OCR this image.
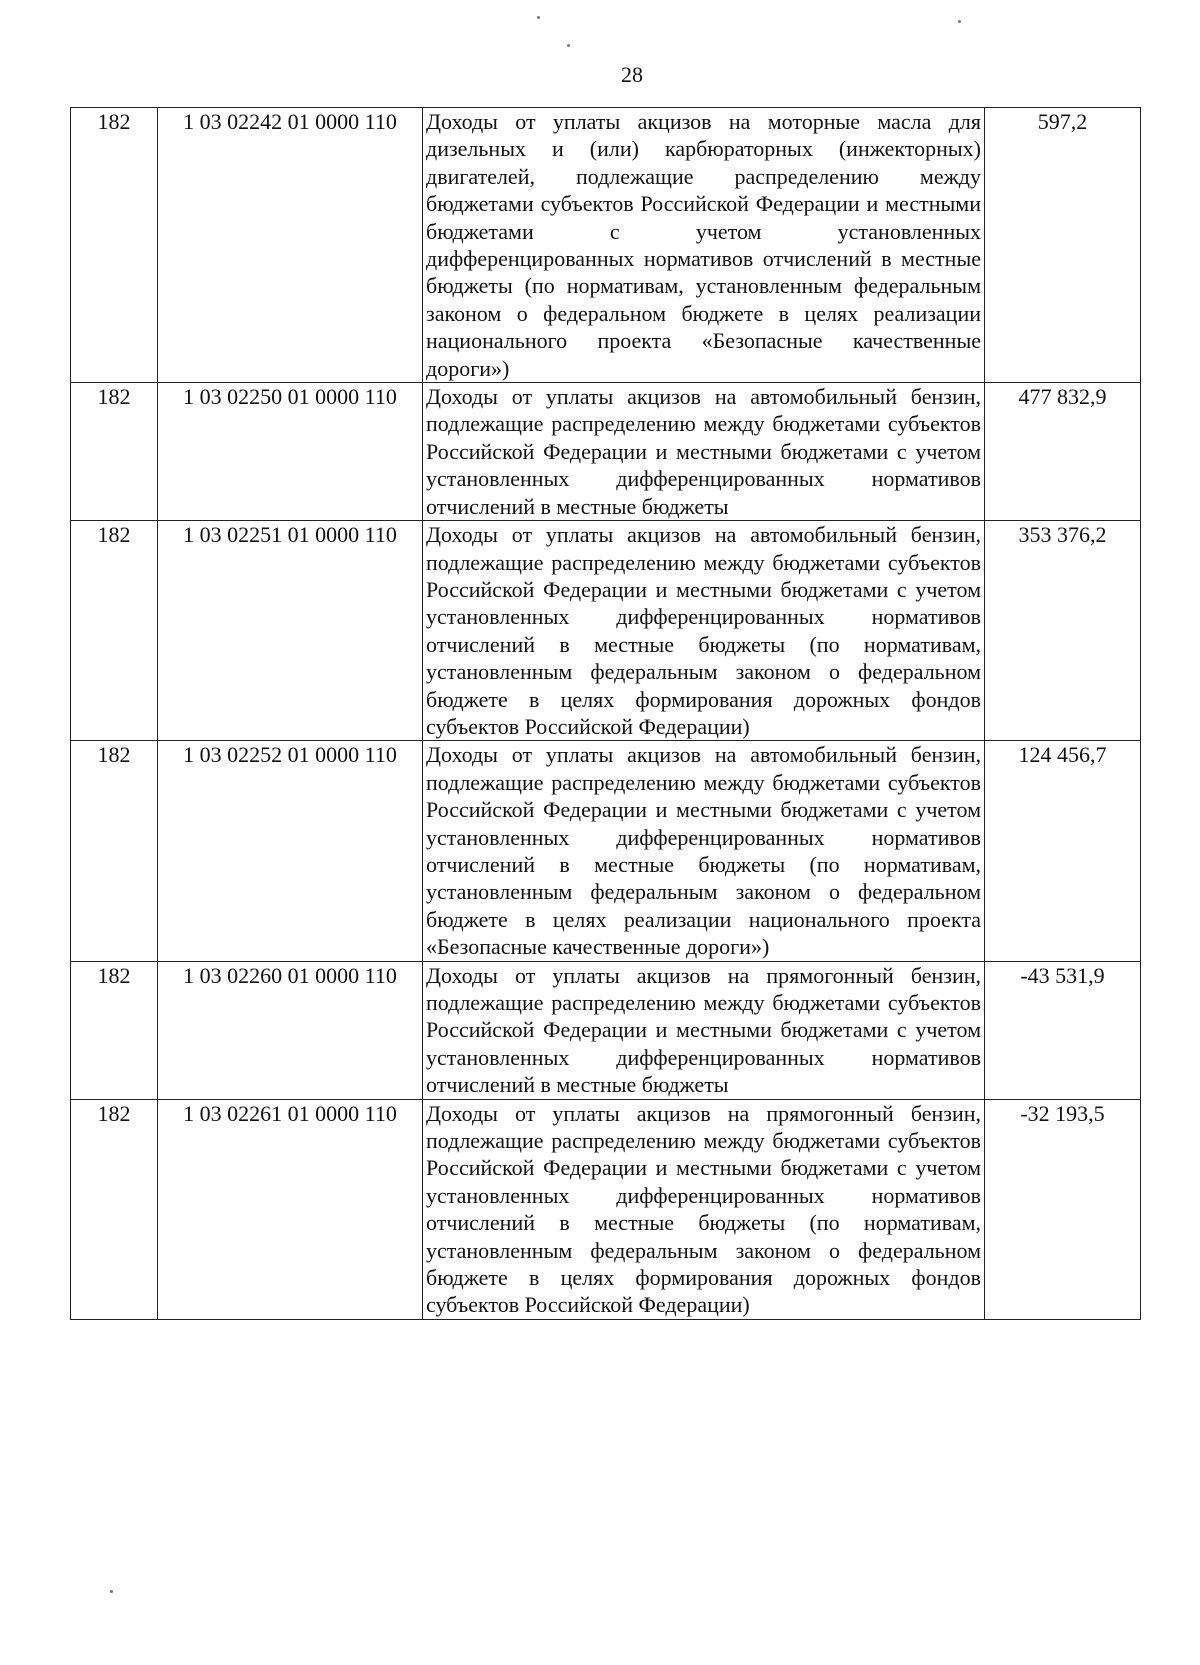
28
182	1 03 02242 01 0000 110	Доходы от уплаты акцизов на моторные масла для дизельных и (или) карбюраторных (инжекторных) двигателей, подлежащие распределению между бюджетами субъектов Российской Федерации и местными бюджетами с учетом установленных дифференцированных нормативов отчислений в местные бюджеты (по нормативам, установленным федеральным законом о федеральном бюджете в целях реализации национального проекта «Безопасные качественные дороги»)	597,2
182	1 03 02250 01 0000 110	Доходы от уплаты акцизов на автомобильный бензин, подлежащие распределению между бюджетами субъектов Российской Федерации и местными бюджетами с учетом установленных дифференцированных нормативов отчислений в местные бюджеты	477 832,9
182	1 03 02251 01 0000 110	Доходы от уплаты акцизов на автомобильный бензин, подлежащие распределению между бюджетами субъектов Российской Федерации и местными бюджетами с учетом установленных дифференцированных нормативов отчислений в местные бюджеты (по нормативам, установленным федеральным законом о федеральном бюджете в целях формирования дорожных фондов субъектов Российской Федерации)	353 376,2
182	1 03 02252 01 0000 110	Доходы от уплаты акцизов на автомобильный бензин, подлежащие распределению между бюджетами субъектов Российской Федерации и местными бюджетами с учетом установленных дифференцированных нормативов отчислений в местные бюджеты (по нормативам, установленным федеральным законом о федеральном бюджете в целях реализации национального проекта «Безопасные качественные дороги»)	124 456,7
182	1 03 02260 01 0000 110	Доходы от уплаты акцизов на прямогонный бензин, подлежащие распределению между бюджетами субъектов Российской Федерации и местными бюджетами с учетом установленных дифференцированных нормативов отчислений в местные бюджеты	-43 531,9
182	1 03 02261 01 0000 110	Доходы от уплаты акцизов на прямогонный бензин, подлежащие распределению между бюджетами субъектов Российской Федерации и местными бюджетами с учетом установленных дифференцированных нормативов отчислений в местные бюджеты (по нормативам, установленным федеральным законом о федеральном бюджете в целях формирования дорожных фондов субъектов Российской Федерации)	-32 193,5
